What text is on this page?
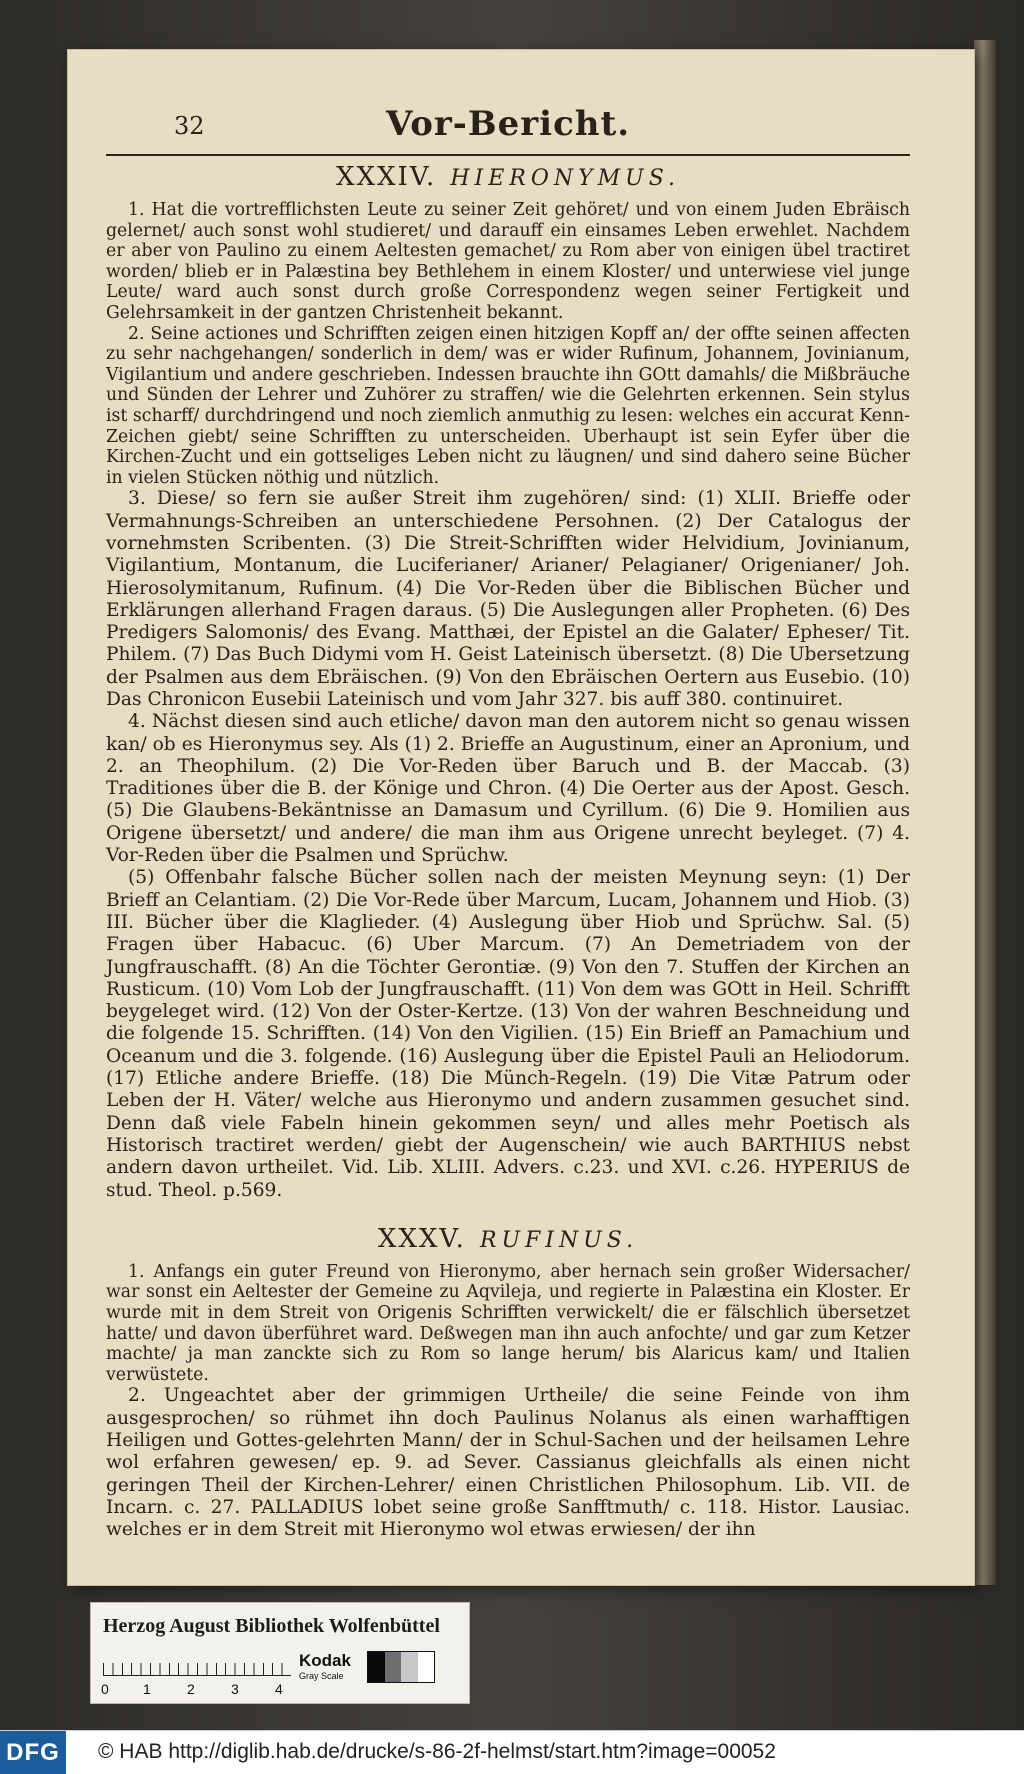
32	Vor-Bericht.
XXXIV. HIERONYMUS.

1. Hat die vortrefflichsten Leute zu seiner Zeit gehöret/ und von einem Juden Ebräisch gelernet/ auch sonst wohl studieret/ und darauff ein einsames Leben erwehlet. Nachdem er aber von Paulino zu einem Aeltesten gemachet/ zu Rom aber von einigen übel tractiret worden/ blieb er in Palæstina bey Bethlehem in einem Kloster/ und unterwiese viel junge Leute/ ward auch sonst durch große Correspondenz wegen seiner Fertigkeit und Gelehrsamkeit in der gantzen Christenheit bekannt.

2. Seine actiones und Schrifften zeigen einen hitzigen Kopff an/ der offte seinen affecten zu sehr nachgehangen/ sonderlich in dem/ was er wider Rufinum, Johannem, Jovinianum, Vigilantium und andere geschrieben. Indessen brauchte ihn GOtt damahls/ die Mißbräuche und Sünden der Lehrer und Zuhörer zu straffen/ wie die Gelehrten erkennen. Sein stylus ist scharff/ durchdringend und noch ziemlich anmuthig zu lesen: welches ein accurat Kenn-Zeichen giebt/ seine Schrifften zu unterscheiden. Uberhaupt ist sein Eyfer über die Kirchen-Zucht und ein gottseliges Leben nicht zu läugnen/ und sind dahero seine Bücher in vielen Stücken nöthig und nützlich.

3. Diese/ so fern sie außer Streit ihm zugehören/ sind: (1) XLII. Brieffe oder Vermahnungs-Schreiben an unterschiedene Persohnen. (2) Der Catalogus der vornehmsten Scribenten. (3) Die Streit-Schrifften wider Helvidium, Jovinianum, Vigilantium, Montanum, die Luciferianer/ Arianer/ Pelagianer/ Origenianer/ Joh. Hierosolymitanum, Rufinum. (4) Die Vor-Reden über die Biblischen Bücher und Erklärungen allerhand Fragen daraus. (5) Die Auslegungen aller Propheten. (6) Des Predigers Salomonis/ des Evang. Matthæi, der Epistel an die Galater/ Epheser/ Tit. Philem. (7) Das Buch Didymi vom H. Geist Lateinisch übersetzt. (8) Die Ubersetzung der Psalmen aus dem Ebräischen. (9) Von den Ebräischen Oertern aus Eusebio. (10) Das Chronicon Eusebii Lateinisch und vom Jahr 327. bis auff 380. continuiret.

4. Nächst diesen sind auch etliche/ davon man den autorem nicht so genau wissen kan/ ob es Hieronymus sey. Als (1) 2. Brieffe an Augustinum, einer an Apronium, und 2. an Theophilum. (2) Die Vor-Reden über Baruch und B. der Maccab. (3) Traditiones über die B. der Könige und Chron. (4) Die Oerter aus der Apost. Gesch. (5) Die Glaubens-Bekäntnisse an Damasum und Cyrillum. (6) Die 9. Homilien aus Origene übersetzt/ und andere/ die man ihm aus Origene unrecht beyleget. (7) 4. Vor-Reden über die Psalmen und Sprüchw.

(5) Offenbahr falsche Bücher sollen nach der meisten Meynung seyn: (1) Der Brieff an Celantiam. (2) Die Vor-Rede über Marcum, Lucam, Johannem und Hiob. (3) III. Bücher über die Klaglieder. (4) Auslegung über Hiob und Sprüchw. Sal. (5) Fragen über Habacuc. (6) Uber Marcum. (7) An Demetriadem von der Jungfrauschafft. (8) An die Töchter Gerontiæ. (9) Von den 7. Stuffen der Kirchen an Rusticum. (10) Vom Lob der Jungfrauschafft. (11) Von dem was GOtt in Heil. Schrifft beygeleget wird. (12) Von der Oster-Kertze. (13) Von der wahren Beschneidung und die folgende 15. Schrifften. (14) Von den Vigilien. (15) Ein Brieff an Pamachium und Oceanum und die 3. folgende. (16) Auslegung über die Epistel Pauli an Heliodorum. (17) Etliche andere Brieffe. (18) Die Münch-Regeln. (19) Die Vitæ Patrum oder Leben der H. Väter/ welche aus Hieronymo und andern zusammen gesuchet sind. Denn daß viele Fabeln hinein gekommen seyn/ und alles mehr Poetisch als Historisch tractiret werden/ giebt der Augenschein/ wie auch BARTHIUS nebst andern davon urtheilet. Vid. Lib. XLIII. Advers. c.23. und XVI. c.26. HYPERIUS de stud. Theol. p.569.

XXXV. RUFINUS.

1. Anfangs ein guter Freund von Hieronymo, aber hernach sein großer Widersacher/ war sonst ein Aeltester der Gemeine zu Aqvileja, und regierte in Palæstina ein Kloster. Er wurde mit in dem Streit von Origenis Schrifften verwickelt/ die er fälschlich übersetzet hatte/ und davon überführet ward. Deßwegen man ihn auch anfochte/ und gar zum Ketzer machte/ ja man zanckte sich zu Rom so lange herum/ bis Alaricus kam/ und Italien verwüstete.

2. Ungeachtet aber der grimmigen Urtheile/ die seine Feinde von ihm ausgesprochen/ so rühmet ihn doch Paulinus Nolanus als einen warhafftigen Heiligen und Gottes-gelehrten Mann/ der in Schul-Sachen und der heilsamen Lehre wol erfahren gewesen/ ep. 9. ad Sever. Cassianus gleichfalls als einen nicht geringen Theil der Kirchen-Lehrer/ einen Christlichen Philosophum. Lib. VII. de Incarn. c. 27. PALLADIUS lobet seine große Sanfftmuth/ c. 118. Histor. Lausiac. welches er in dem Streit mit Hieronymo wol etwas erwiesen/ der ihn

Herzog August Bibliothek Wolfenbüttel
0 1	2	3	4
Kodak
Gray Scale
DFG © HAB http://diglib.hab.de/drucke/s-86-2f-helmst/start.htm?image=00052
